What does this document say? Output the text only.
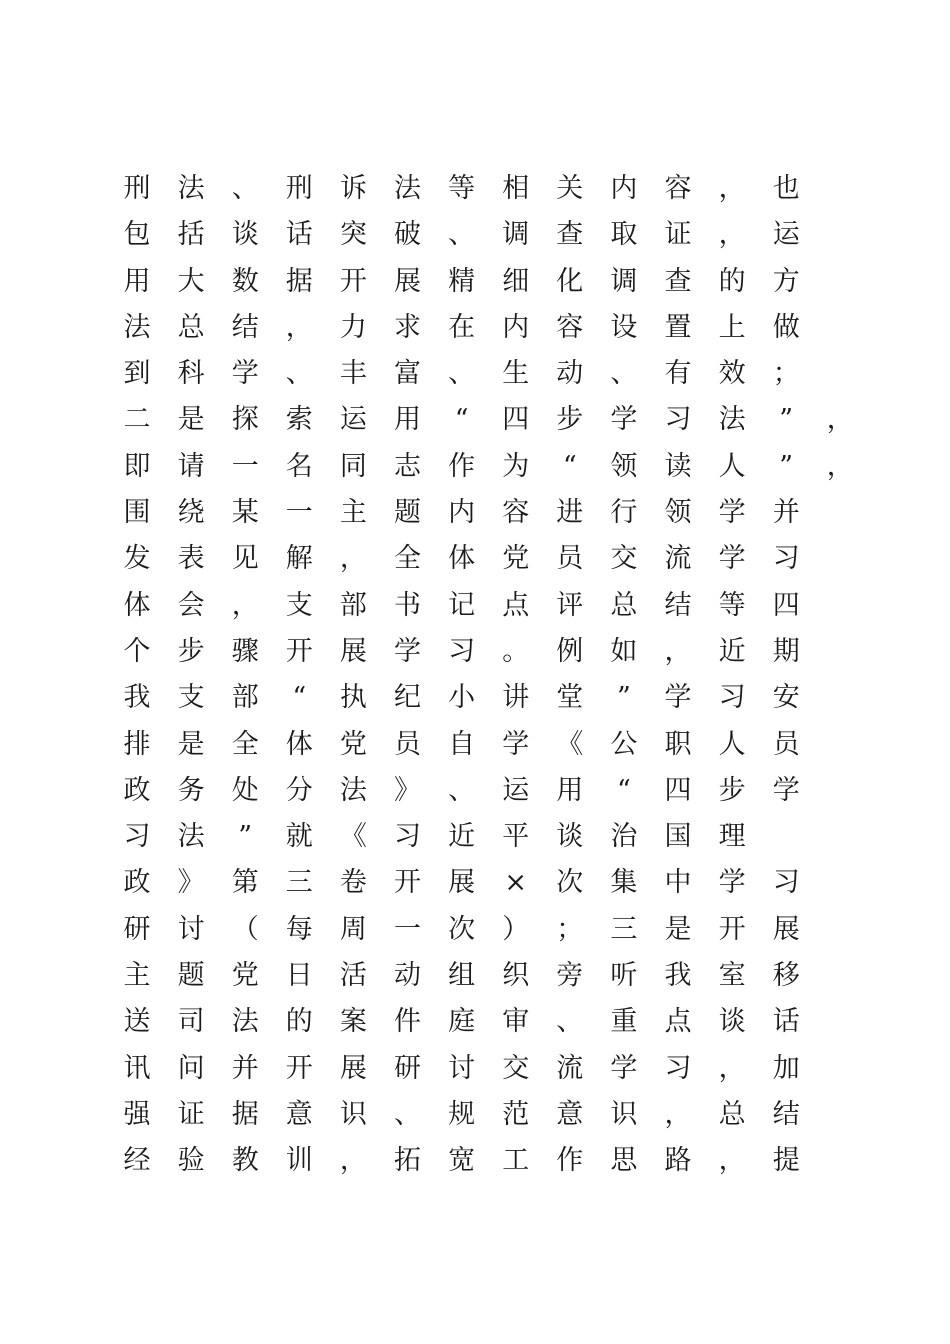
刑 法 、 刑 诉 法 等 相 关 内 容 ， 也
包 括 谈 话 突 破 、 调 查 取 证 ， 运
用 大 数 据 开 展 精 细 化 调 查 的 方
法 总 结 ， 力 求 在 内 容 设 置 上 做
到 科 学 、 丰 富 、 生 动 、 有 效 ；
二 是 探 索 运 用 “ 四 步 学 习 法 ” ，
即 请 一 名 同 志 作 为 “ 领 读 人 ” ，
围 绕 某 一 主 题 内 容 进 行 领 学 并
发 表 见 解 ， 全 体 党 员 交 流 学 习
体 会 ， 支 部 书 记 点 评 总 结 等 四
个 步 骤 开 展 学 习 。 例 如 ， 近 期
我 支 部 “ 执 纪 小 讲 堂 ” 学 习 安
排 是 全 体 党 员 自 学 《 公 职 人 员
政 务 处 分 法 》 、 运 用 “ 四 步 学
习 法 ” 就 《 习 近 平 谈 治 国 理
政 》 第 三 卷 开 展 × 次 集 中 学 习
研 讨 （ 每 周 一 次 ） ； 三 是 开 展
主 题 党 日 活 动 组 织 旁 听 我 室 移
送 司 法 的 案 件 庭 审 、 重 点 谈 话
讯 问 并 开 展 研 讨 交 流 学 习 ， 加
强 证 据 意 识 、 规 范 意 识 ， 总 结
经 验 教 训 ， 拓 宽 工 作 思 路 ， 提
